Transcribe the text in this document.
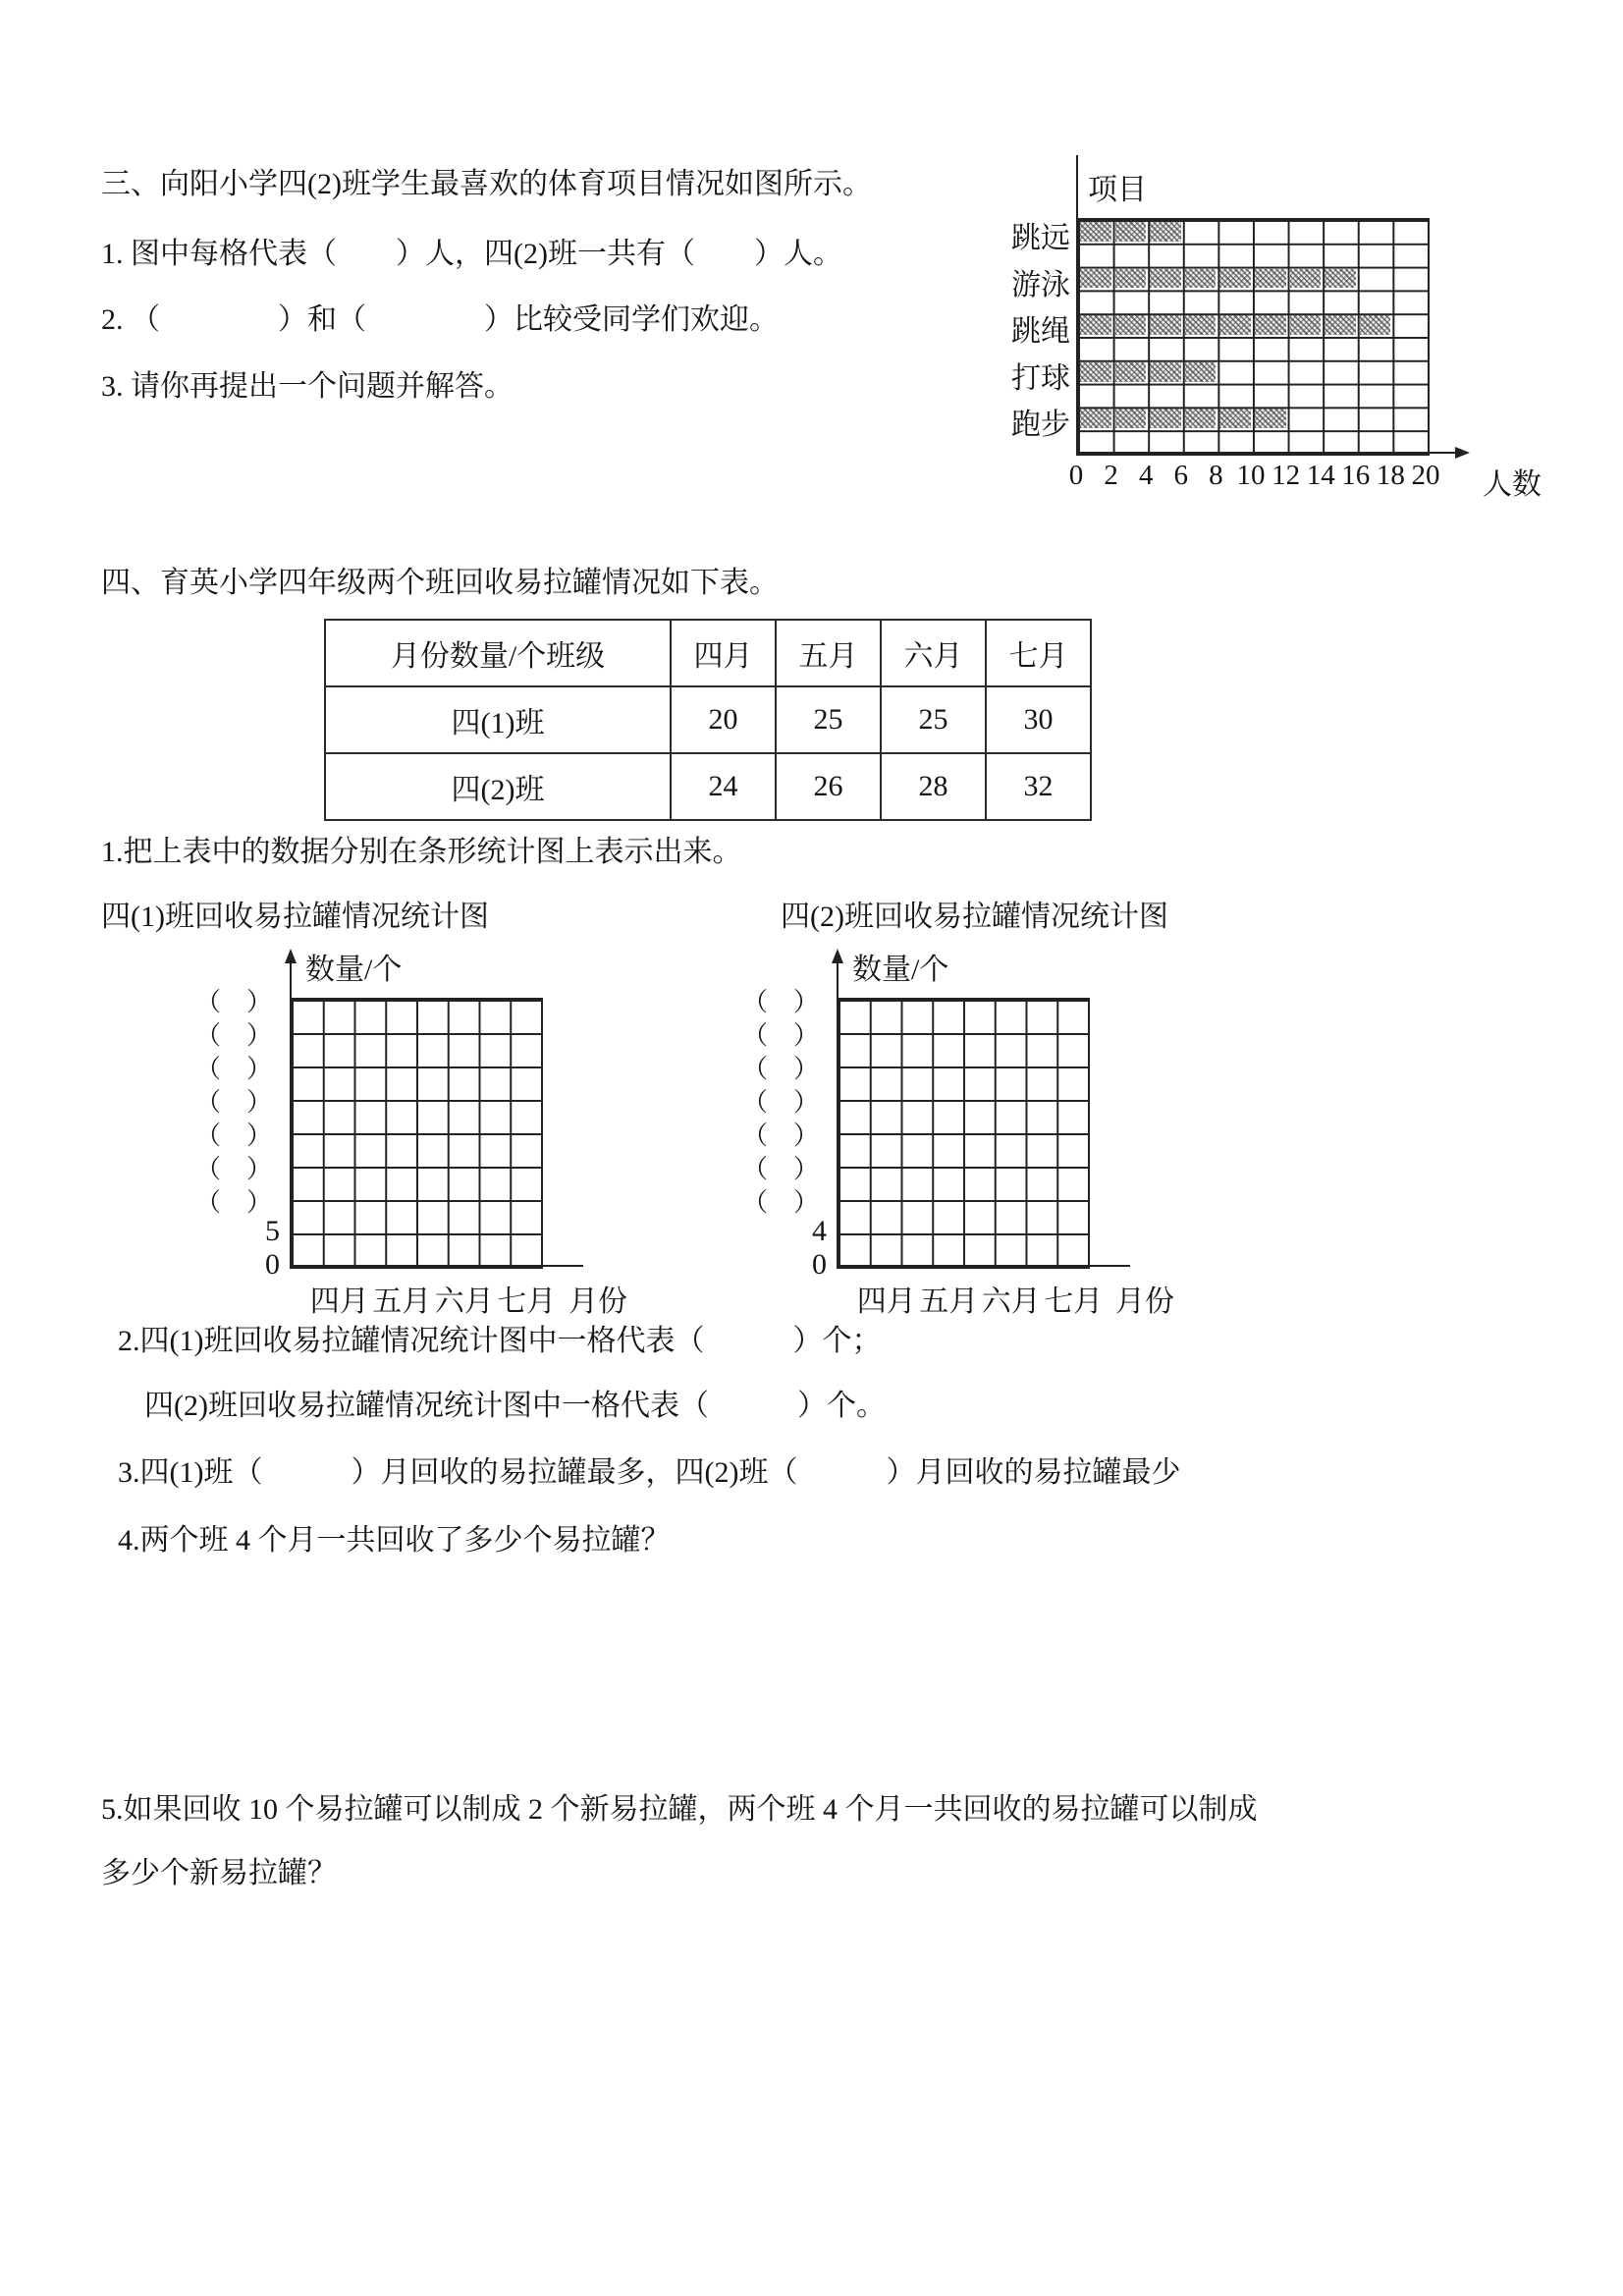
三、向阳小学四(2)班学生最喜欢的体育项目情况如图所示。
1. 图中每格代表（　　）人，四(2)班一共有（　　）人。
2. （　　　　）和（　　　　）比较受同学们欢迎。
3. 请你再提出一个问题并解答。
项目
跳远
游泳
跳绳
打球
跑步
0 2 4 6 8 10 12 14 16 18 20 人数
四、育英小学四年级两个班回收易拉罐情况如下表。
月份数量/个班级	四月	五月	六月	七月
四(1)班	20	25	25	30
四(2)班	24	26	28	32
1.把上表中的数据分别在条形统计图上表示出来。
四(1)班回收易拉罐情况统计图	四(2)班回收易拉罐情况统计图
数量/个
（　）
（　）
（　）
（　）
（　）
（　）
（　）
5
0
四月 五月 六月 七月 月份
数量/个
（　）
（　）
（　）
（　）
（　）
（　）
（　）
4
0
四月 五月 六月 七月 月份
2.四(1)班回收易拉罐情况统计图中一格代表（　　　）个；
四(2)班回收易拉罐情况统计图中一格代表（　　　）个。
3.四(1)班（　　　）月回收的易拉罐最多，四(2)班（　　　）月回收的易拉罐最少
4.两个班 4 个月一共回收了多少个易拉罐？
5.如果回收 10 个易拉罐可以制成 2 个新易拉罐，两个班 4 个月一共回收的易拉罐可以制成
多少个新易拉罐？
